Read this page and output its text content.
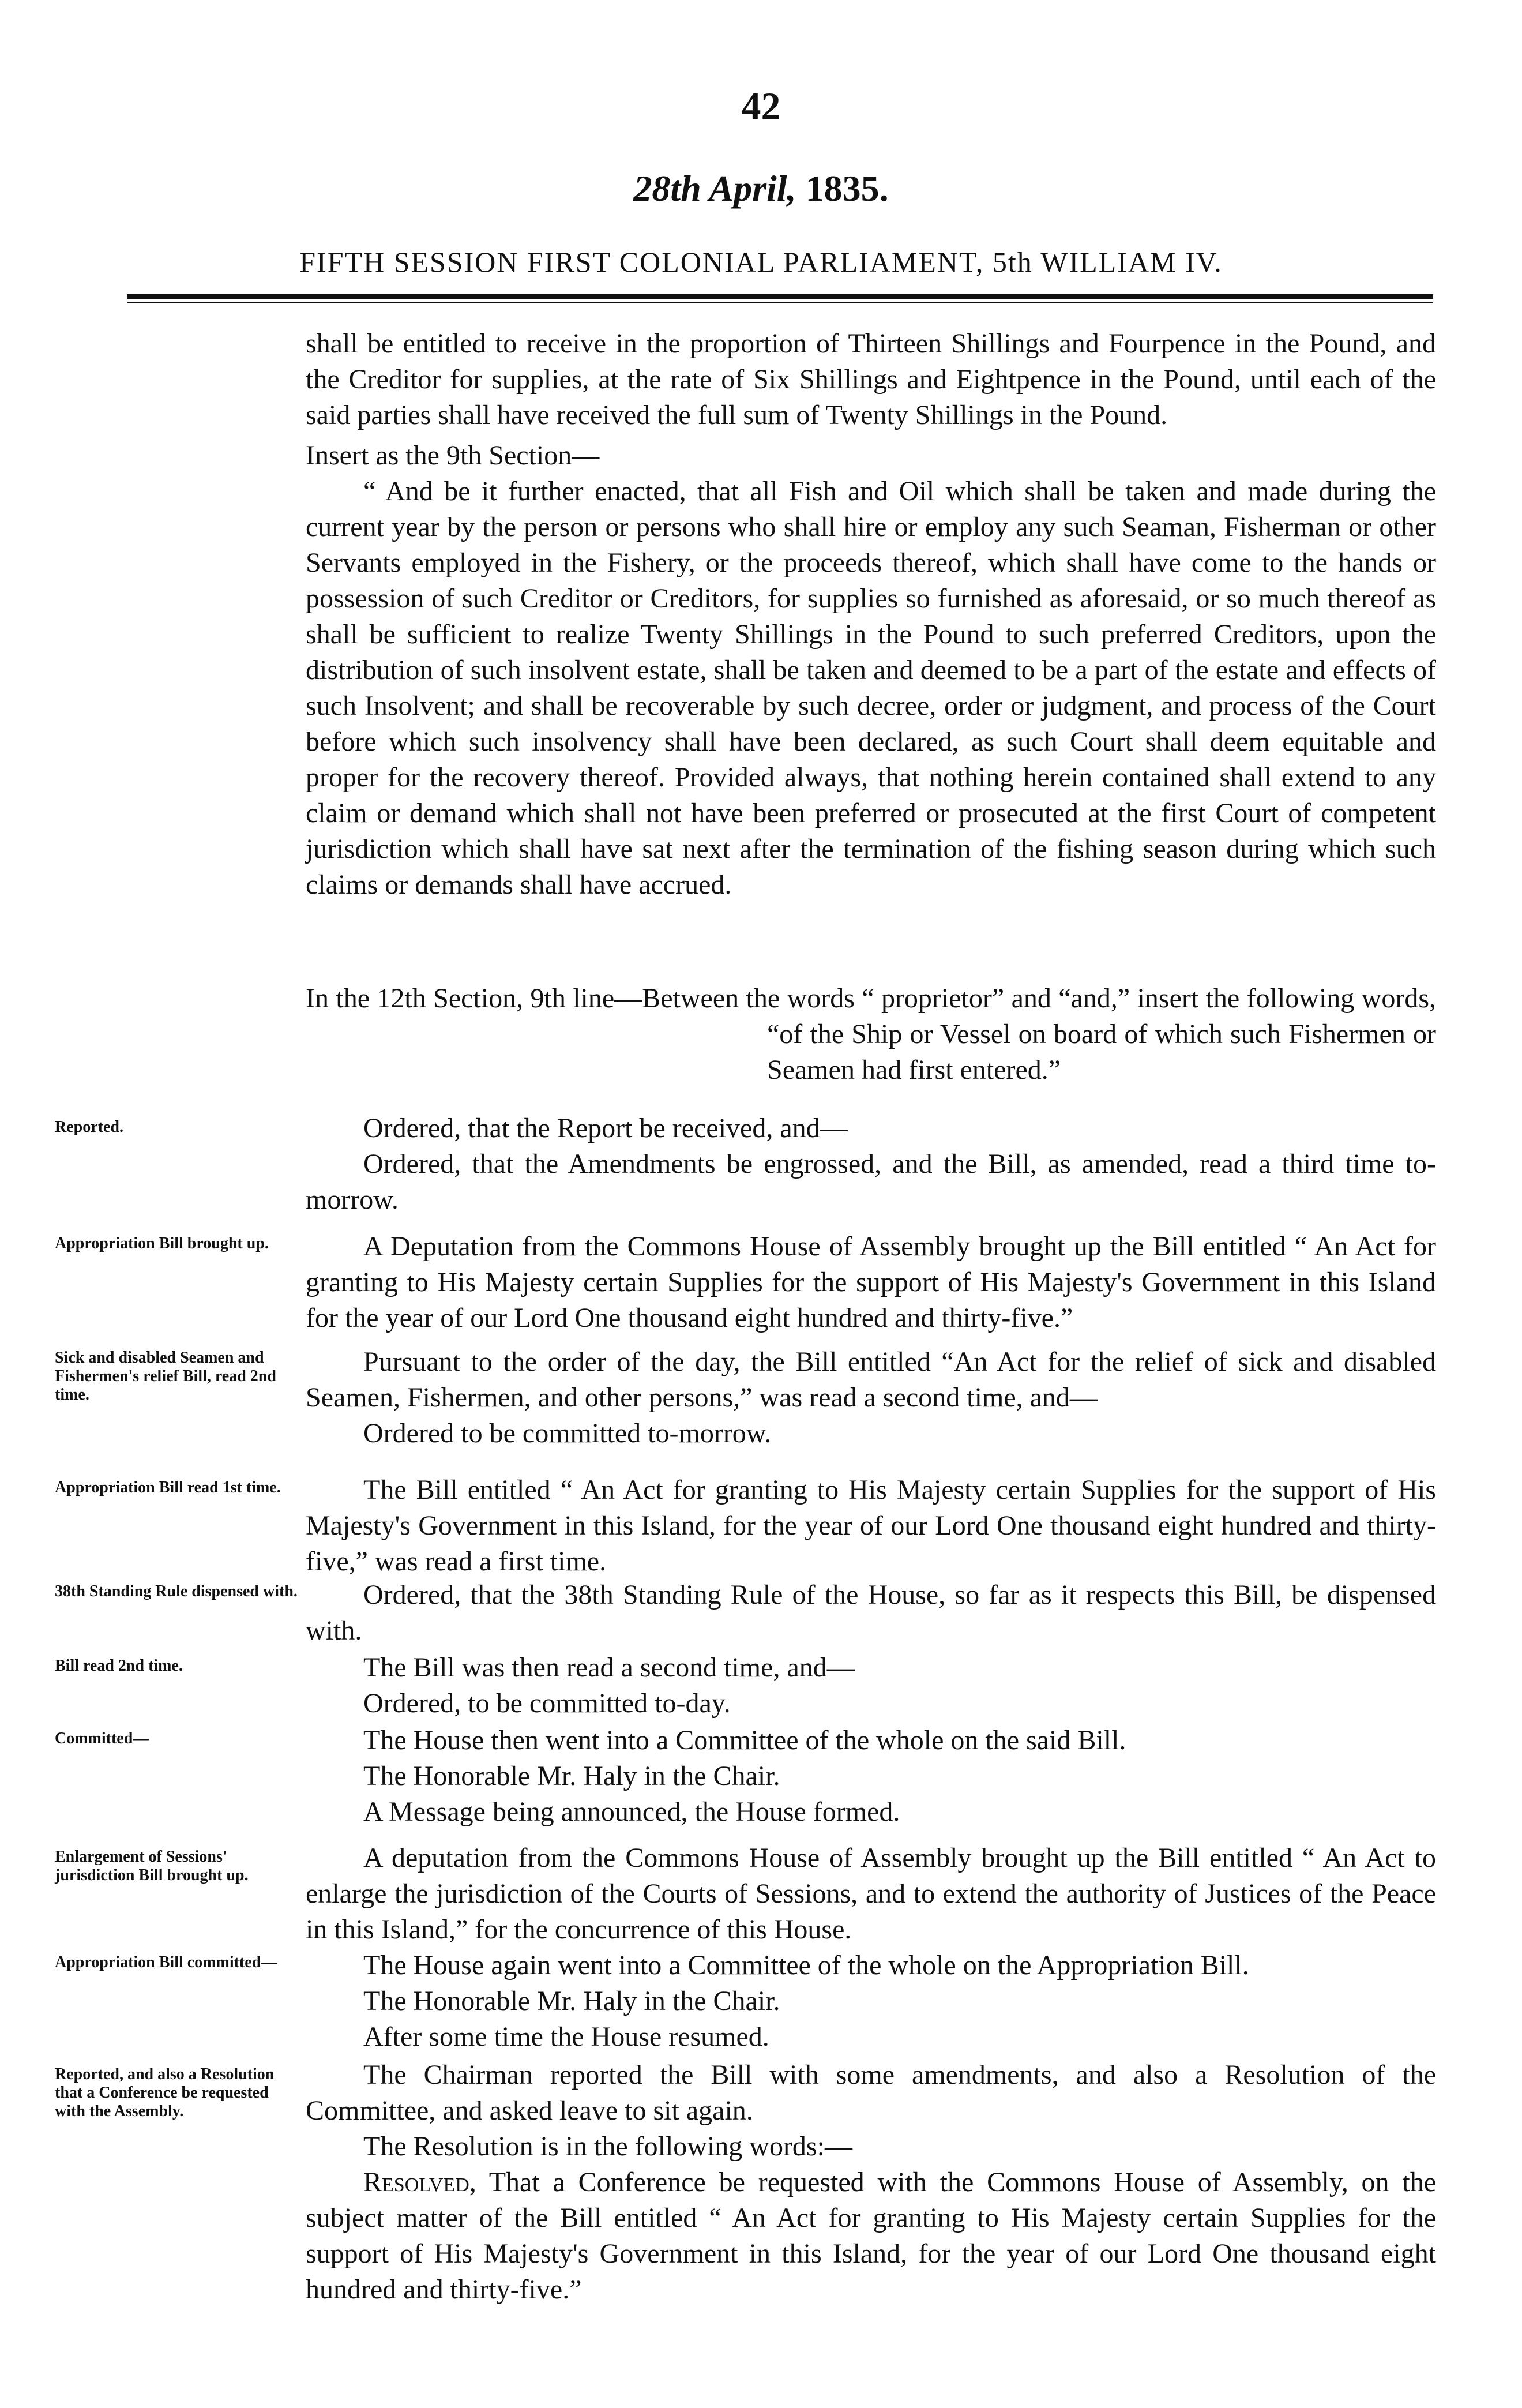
42
28th April, 1835.
FIFTH SESSION FIRST COLONIAL PARLIAMENT, 5th WILLIAM IV.

shall be entitled to receive in the proportion of Thirteen Shillings and Fourpence in the Pound, and the Creditor for supplies, at the rate of Six Shillings and Eightpence in the Pound, until each of the said parties shall have received the full sum of Twenty Shillings in the Pound.

Insert as the 9th Section—

“ And be it further enacted, that all Fish and Oil which shall be taken and made during the current year by the person or persons who shall hire or employ any such Seaman, Fisherman or other Servants employed in the Fishery, or the proceeds thereof, which shall have come to the hands or possession of such Creditor or Creditors, for supplies so furnished as aforesaid, or so much thereof as shall be sufficient to realize Twenty Shillings in the Pound to such preferred Creditors, upon the distribution of such insolvent estate, shall be taken and deemed to be a part of the estate and effects of such Insolvent; and shall be recoverable by such decree, order or judgment, and process of the Court before which such insolvency shall have been declared, as such Court shall deem equitable and proper for the recovery thereof. Provided always, that nothing herein contained shall extend to any claim or demand which shall not have been preferred or prosecuted at the first Court of competent jurisdiction which shall have sat next after the termination of the fishing season during which such claims or demands shall have accrued.

In the 12th Section, 9th line—Between the words “ proprietor” and “and,” insert the following words, “of the Ship or Vessel on board of which such Fishermen or Seamen had first entered.”

Reported.	Ordered, that the Report be received, and—

Ordered, that the Amendments be engrossed, and the Bill, as amended, read a third time to-morrow.

Appropriation Bill brought up.	A Deputation from the Commons House of Assembly brought up the Bill entitled “ An Act for granting to His Majesty certain Supplies for the support of His Majesty's Government in this Island for the year of our Lord One thousand eight hundred and thirty-five.”

Sick and disabled Seamen and Fishermen's relief Bill, read 2nd time.

Pursuant to the order of the day, the Bill entitled “An Act for the relief of sick and disabled Seamen, Fishermen, and other persons,” was read a second time, and—

Ordered to be committed to-morrow.

Appropriation Bill read 1st time.	The Bill entitled “ An Act for granting to His Majesty certain Supplies for the support of His Majesty's Government in this Island, for the year of our Lord One thousand eight hundred and thirty-five,” was read a first time.

38th Standing Rule dispensed with.	Ordered, that the 38th Standing Rule of the House, so far as it respects this Bill, be dispensed with.

Bill read 2nd time.	The Bill was then read a second time, and—

Ordered, to be committed to-day.

Committed—	The House then went into a Committee of the whole on the said Bill.

The Honorable Mr. Haly in the Chair.

A Message being announced, the House formed.

Enlargement of Sessions' jurisdiction Bill brought up.

A deputation from the Commons House of Assembly brought up the Bill entitled “ An Act to enlarge the jurisdiction of the Courts of Sessions, and to extend the authority of Justices of the Peace in this Island,” for the concurrence of this House.

Appropriation Bill committed—	The House again went into a Committee of the whole on the Appropriation Bill.

The Honorable Mr. Haly in the Chair.

After some time the House resumed.

Reported, and also a Resolution that a Conference be requested with the Assembly.

The Chairman reported the Bill with some amendments, and also a Resolution of the Committee, and asked leave to sit again.

The Resolution is in the following words:—

Resolved, That a Conference be requested with the Commons House of Assembly, on the subject matter of the Bill entitled “ An Act for granting to His Majesty certain Supplies for the support of His Majesty's Government in this Island, for the year of our Lord One thousand eight hundred and thirty-five.”
